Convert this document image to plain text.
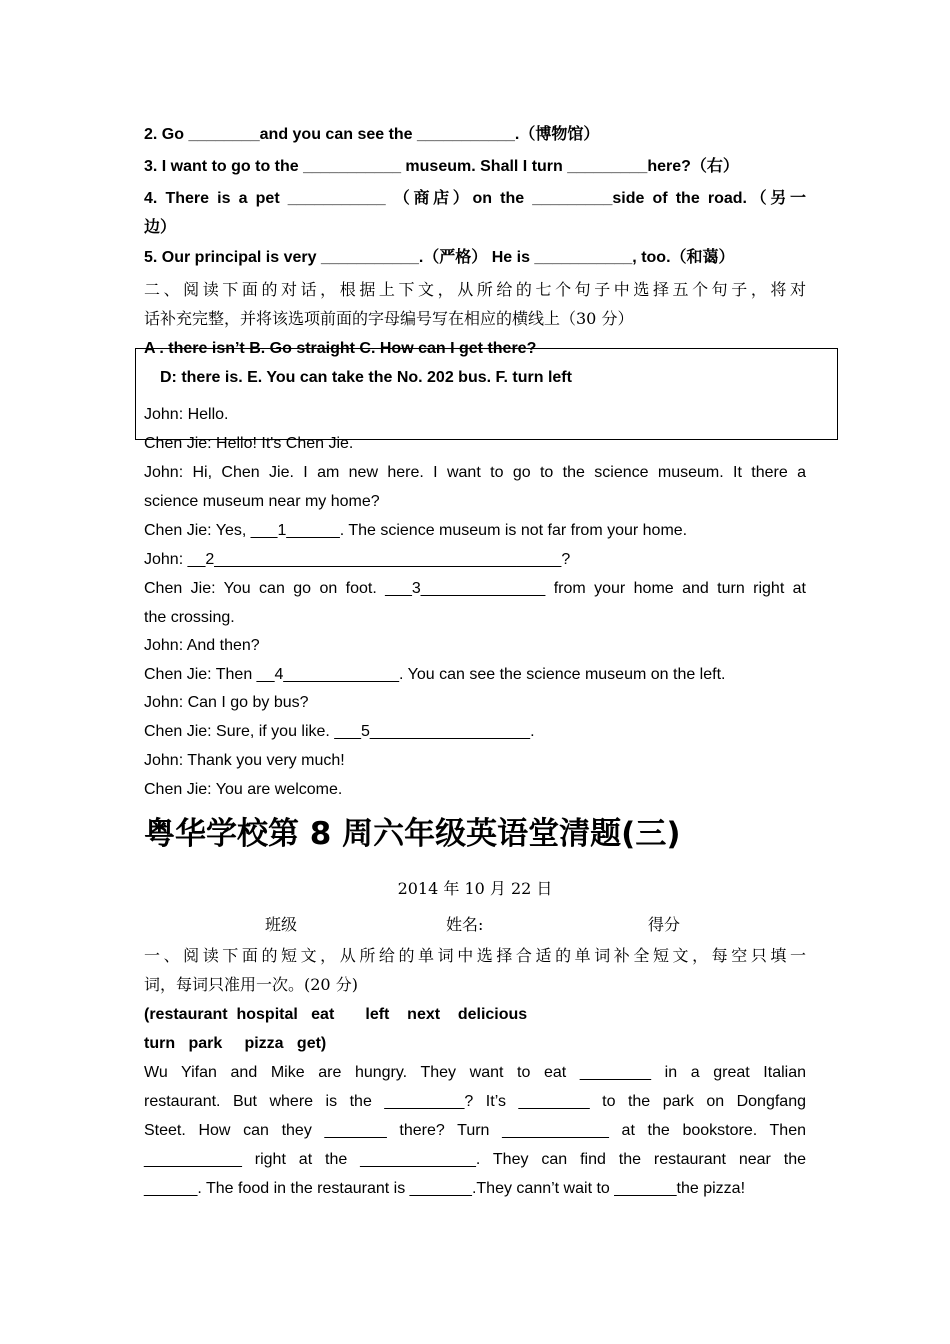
2. Go ________and you can see the ___________.（博物馆）
3. I want to go to the ___________ museum. Shall I turn _________here?（右）
4. There is a pet ___________ （商店）on the _________side of the road.（另一
边）
5. Our principal is very ___________.（严格） He is ___________, too.（和蔼）
二、阅读下面的对话，根据上下文，从所给的七个句子中选择五个句子，将对
话补充完整，并将该选项前面的字母编号写在相应的横线上（30 分）
A . there isn’t B. Go straight C. How can I get there?
D: there is. E. You can take the No. 202 bus. F. turn left
John: Hello.
Chen Jie: Hello! It's Chen Jie.
John: Hi, Chen Jie. I am new here. I want to go to the science museum. It there a
science museum near my home?
Chen Jie: Yes, ___1______. The science museum is not far from your home.
John: __2_______________________________________?
Chen Jie: You can go on foot. ___3______________ from your home and turn right at
the crossing.
John: And then?
Chen Jie: Then __4_____________. You can see the science museum on the left.
John: Can I go by bus?
Chen Jie: Sure, if you like. ___5__________________.
John: Thank you very much!
Chen Jie: You are welcome.
粤华学校第 8 周六年级英语堂清题(三)
2014 年 10 月 22 日
班级	姓名:	得分
一、阅读下面的短文，从所给的单词中选择合适的单词补全短文，每空只填一
词，每词只准用一次。(20 分)
(restaurant  hospital   eat       left    next    delicious
turn   park     pizza   get)
Wu Yifan and Mike are hungry. They want to eat ________ in a great Italian
restaurant. But where is the _________? It’s ________ to the park on Dongfang
Steet. How can they _______ there? Turn ____________ at the bookstore. Then
___________ right at the _____________. They can find the restaurant near the
______. The food in the restaurant is _______.They cann’t wait to _______the pizza!
